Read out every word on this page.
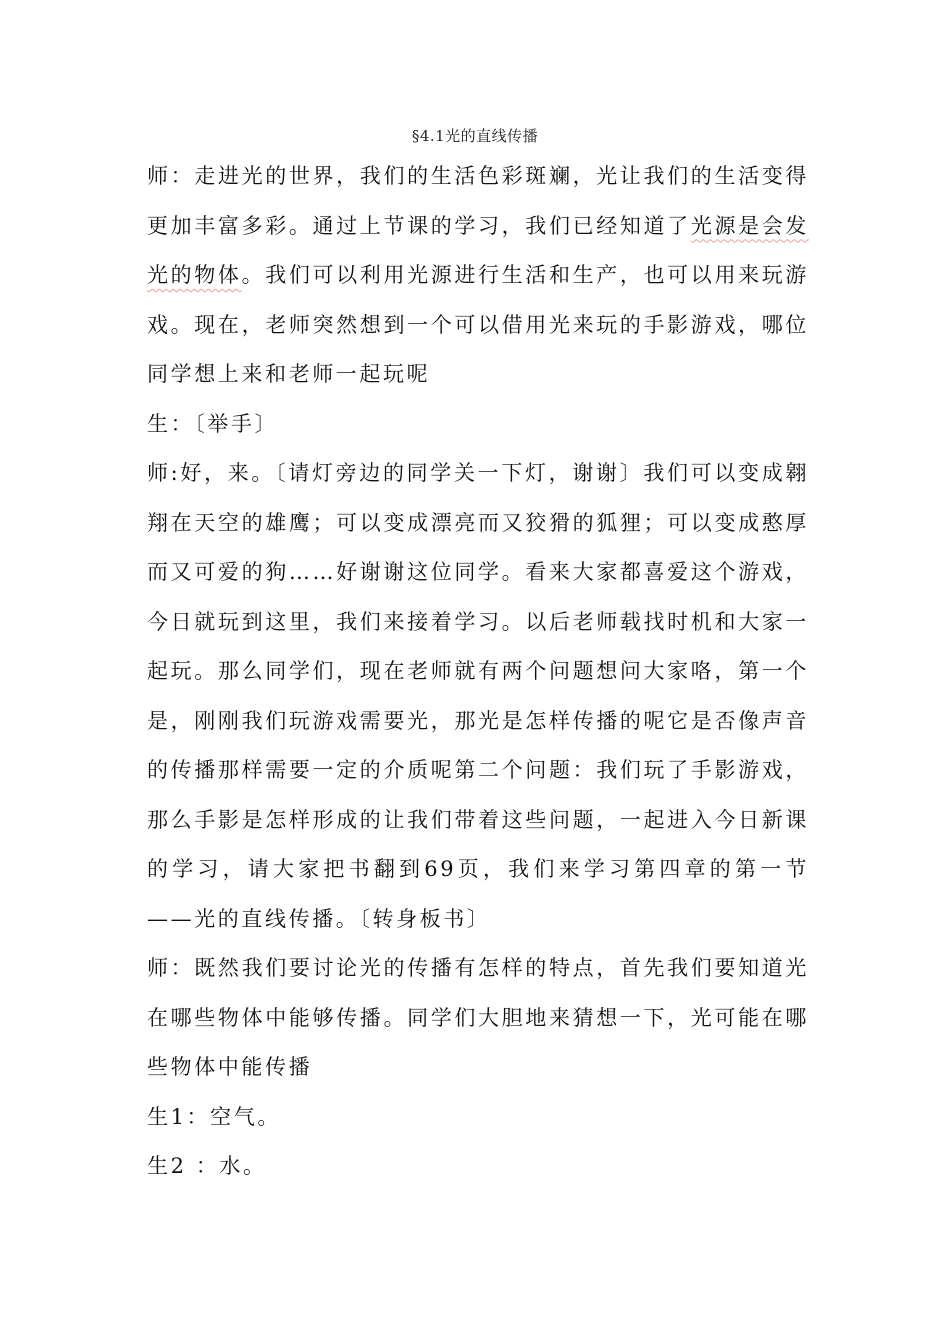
§4.1光的直线传播

师：走进光的世界，我们的生活色彩斑斓，光让我们的生活变得更加丰富多彩。通过上节课的学习，我们已经知道了光源是会发光的物体。我们可以利用光源进行生活和生产，也可以用来玩游戏。现在，老师突然想到一个可以借用光来玩的手影游戏，哪位同学想上来和老师一起玩呢

生：〔举手〕

师:好，来。〔请灯旁边的同学关一下灯，谢谢〕我们可以变成翱翔在天空的雄鹰；可以变成漂亮而又狡猾的狐狸；可以变成憨厚而又可爱的狗……好谢谢这位同学。看来大家都喜爱这个游戏，今日就玩到这里，我们来接着学习。以后老师载找时机和大家一起玩。那么同学们，现在老师就有两个问题想问大家咯，第一个是，刚刚我们玩游戏需要光，那光是怎样传播的呢它是否像声音的传播那样需要一定的介质呢第二个问题：我们玩了手影游戏，那么手影是怎样形成的让我们带着这些问题，一起进入今日新课的学习，请大家把书翻到69页，我们来学习第四章的第一节——光的直线传播。〔转身板书〕

师：既然我们要讨论光的传播有怎样的特点，首先我们要知道光在哪些物体中能够传播。同学们大胆地来猜想一下，光可能在哪些物体中能传播

生1：空气。

生2 ：水。
